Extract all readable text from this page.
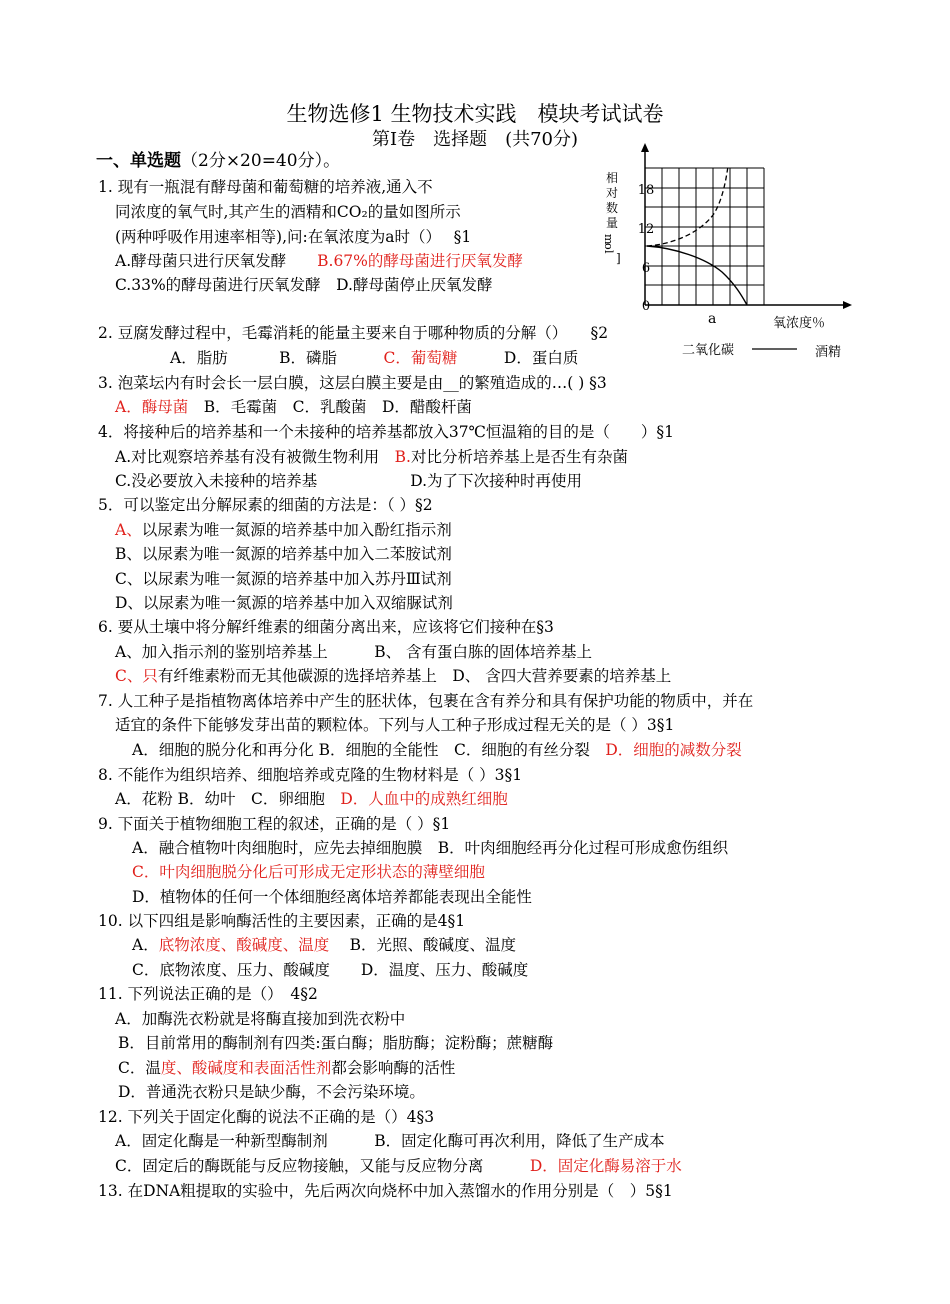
生物选修1 生物技术实践　模块考试试卷
第Ⅰ卷　选择题　(共70分)
一、单选题（2分×20=40分）。
1. 现有一瓶混有酵母菌和葡萄糖的培养液,通入不
同浓度的氧气时,其产生的酒精和CO₂的量如图所示
(两种呼吸作用速率相等),问:在氧浓度为a时（）　 §1
A.酵母菌只进行厌氧发酵　　B.67%的酵母菌进行厌氧发酵
C.33%的酵母菌进行厌氧发酵　D.酵母菌停止厌氧发酵
2. 豆腐发酵过程中，毛霉消耗的能量主要来自于哪种物质的分解（）　　§2
A．脂肪　　　 B．磷脂　　　C．葡萄糖　　　D．蛋白质
3. 泡菜坛内有时会长一层白膜，这层白膜主要是由__的繁殖造成的…( ) §3
A．酶母菌　B．毛霉菌　C．乳酸菌　D．醋酸杆菌
4．将接种后的培养基和一个未接种的培养基都放入37℃恒温箱的目的是（　　）§1
A.对比观察培养基有没有被微生物利用　B.对比分析培养基上是否生有杂菌
C.没必要放入未接种的培养基　　　　　　D.为了下次接种时再使用
5．可以鉴定出分解尿素的细菌的方法是：（ ）§2
A、以尿素为唯一氮源的培养基中加入酚红指示剂
B、以尿素为唯一氮源的培养基中加入二苯胺试剂
C、以尿素为唯一氮源的培养基中加入苏丹Ⅲ试剂
D、以尿素为唯一氮源的培养基中加入双缩脲试剂
6. 要从土壤中将分解纤维素的细菌分离出来，应该将它们接种在§3
A、加入指示剂的鉴别培养基上　　　B、 含有蛋白胨的固体培养基上
C、只有纤维素粉而无其他碳源的选择培养基上　D、 含四大营养要素的培养基上
7. 人工种子是指植物离体培养中产生的胚状体，包裹在含有养分和具有保护功能的物质中，并在
适宜的条件下能够发芽出苗的颗粒体。下列与人工种子形成过程无关的是（ ）3§1
A．细胞的脱分化和再分化 B．细胞的全能性　C．细胞的有丝分裂　D．细胞的减数分裂
8. 不能作为组织培养、细胞培养或克隆的生物材料是（ ）3§1
A．花粉 B．幼叶　C．卵细胞　D．人血中的成熟红细胞
9. 下面关于植物细胞工程的叙述，正确的是（ ）§1
A．融合植物叶肉细胞时，应先去掉细胞膜　B．叶肉细胞经再分化过程可形成愈伤组织
C．叶肉细胞脱分化后可形成无定形状态的薄壁细胞
D．植物体的任何一个体细胞经离体培养都能表现出全能性
10. 以下四组是影响酶活性的主要因素，正确的是4§1
A．底物浓度、酸碱度、温度　 B．光照、酸碱度、温度
C．底物浓度、压力、酸碱度　　D．温度、压力、酸碱度
11. 下列说法正确的是（）　4§2
A．加酶洗衣粉就是将酶直接加到洗衣粉中
B．目前常用的酶制剂有四类:蛋白酶；脂肪酶；淀粉酶；蔗糖酶
C．温度、酸碱度和表面活性剂都会影响酶的活性
D．普通洗衣粉只是缺少酶，不会污染环境。
12. 下列关于固定化酶的说法不正确的是（）4§3
A．固定化酶是一种新型酶制剂　　　B．固定化酶可再次利用，降低了生产成本
C．固定后的酶既能与反应物接触，又能与反应物分离　　　D．固定化酶易溶于水
13. 在DNA粗提取的实验中，先后两次向烧杯中加入蒸馏水的作用分别是（　）5§1
相
对
数
量
m
o
l ]
18
12
6
0
a	氧浓度％
二氧化碳	酒精
